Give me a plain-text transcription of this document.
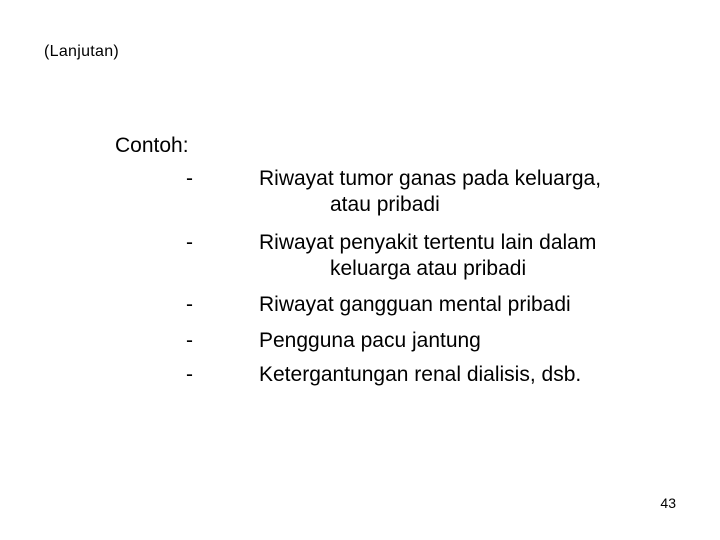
(Lanjutan)
Contoh:
-	Riwayat tumor ganas pada keluarga,
atau pribadi
-	Riwayat penyakit tertentu lain dalam
keluarga atau pribadi
-	Riwayat gangguan mental pribadi
-	Pengguna pacu jantung
-	Ketergantungan renal dialisis, dsb.
43
